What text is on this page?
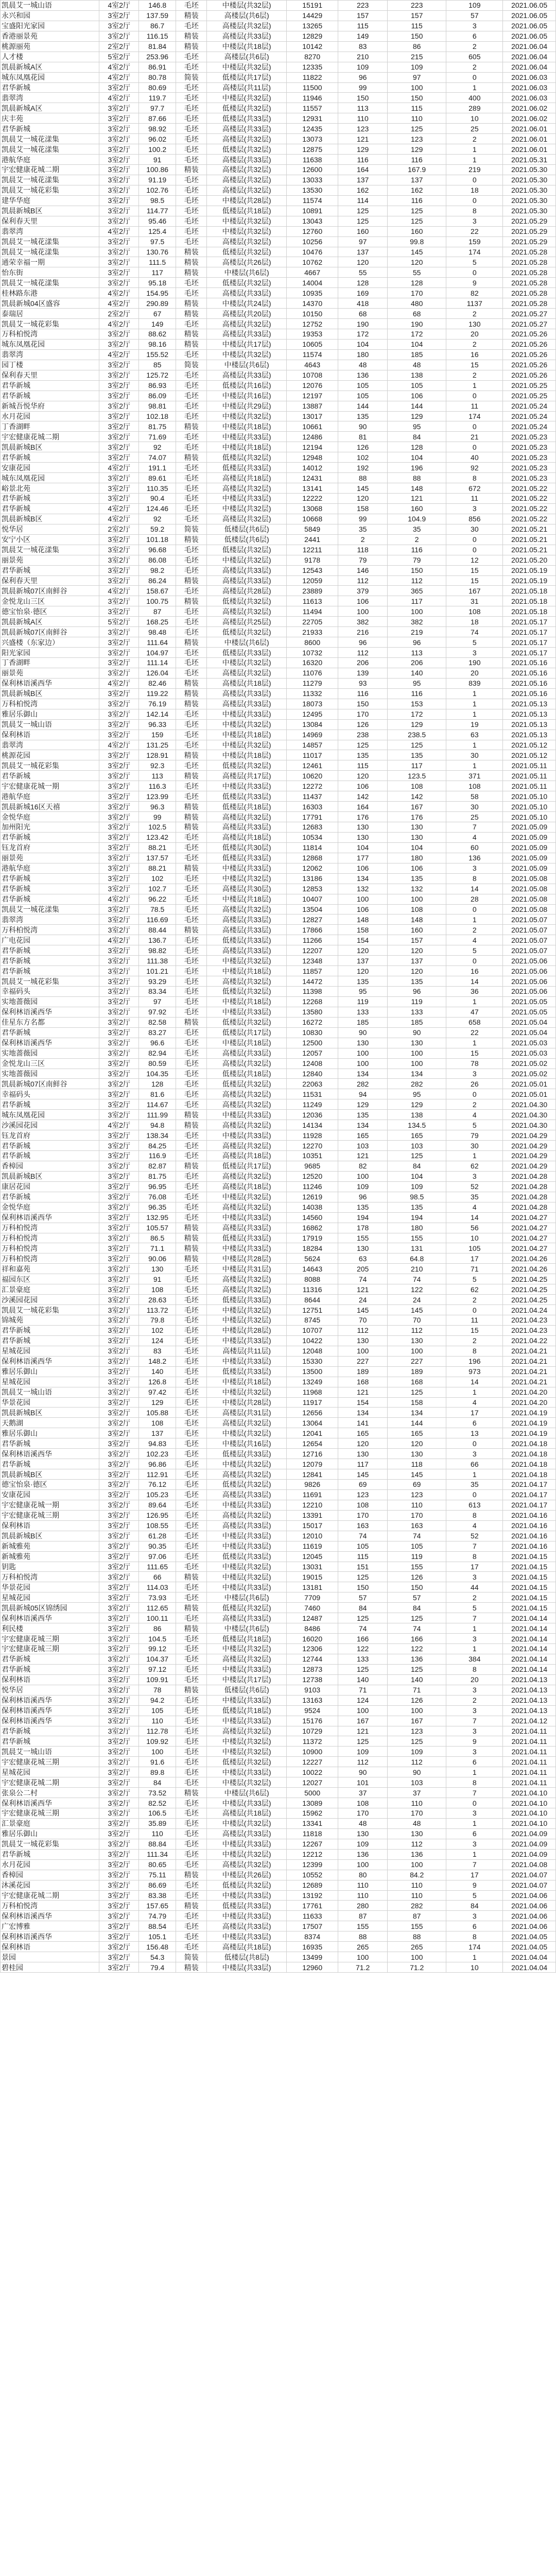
凯晨艾一城山语	4室2厅	146.8	毛坯	中楼层(共32层)	15191	223	223	109	2021.06.05
永兴和园	3室2厅	137.59	精装	高楼层(共6层)	14429	157	157	57	2021.06.05
宝盛阳光家园	3室2厅	86.7	毛坯	高楼层(共32层)	13265	115	115	3	2021.06.05
香港丽景苑	3室2厅	116.15	精装	高楼层(共33层)	12829	149	150	6	2021.06.05
桃源丽苑	2室2厅	81.84	精装	中楼层(共18层)	10142	83	86	2	2021.06.04
人才楼	5室2厅	253.96	毛坯	高楼层(共6层)	8270	210	215	605	2021.06.04
凯晨新城A区	4室2厅	86.91	毛坯	中楼层(共32层)	12335	109	109	2	2021.06.04
城东凤凰花园	4室2厅	80.78	简装	低楼层(共17层)	11822	96	97	0	2021.06.03
君华新城	3室2厅	80.69	毛坯	高楼层(共11层)	11500	99	100	1	2021.06.03
翡翠湾	4室2厅	119.7	毛坯	中楼层(共32层)	11946	150	150	400	2021.06.03
凯晨新城A区	3室2厅	97.7	毛坯	低楼层(共32层)	11557	113	115	289	2021.06.02
庆丰苑	3室2厅	87.66	毛坯	低楼层(共33层)	12931	110	110	10	2021.06.02
君华新城	3室2厅	98.92	毛坯	高楼层(共33层)	12435	123	125	25	2021.06.01
凯晨艾一城花漾集	3室2厅	96.02	毛坯	高楼层(共32层)	13073	121	123	2	2021.06.01
凯晨艾一城花漾集	3室2厅	100.2	毛坯	低楼层(共32层)	12875	129	129	1	2021.06.01
港航华庭	3室2厅	91	毛坯	高楼层(共33层)	11638	116	116	1	2021.05.31
宇宏健康花城二期	3室2厅	100.86	精装	高楼层(共32层)	12600	164	167.9	219	2021.05.30
凯晨艾一城花漾集	3室2厅	91.19	毛坯	高楼层(共32层)	13033	137	137	0	2021.05.30
凯晨艾一城花彩集	3室2厅	102.76	毛坯	高楼层(共32层)	13530	162	162	18	2021.05.30
建华华庭	3室2厅	98.5	毛坯	中楼层(共28层)	11574	114	116	0	2021.05.30
凯晨新城B区	3室2厅	114.77	毛坯	低楼层(共18层)	10891	125	125	8	2021.05.30
保利春天里	3室2厅	95.46	毛坯	中楼层(共32层)	13043	125	125	3	2021.05.29
翡翠湾	4室2厅	125.4	毛坯	中楼层(共32层)	12760	160	160	22	2021.05.29
凯晨艾一城花漾集	3室2厅	97.5	毛坯	高楼层(共32层)	10256	97	99.8	159	2021.05.29
凯晨艾一城花漾集	3室2厅	130.76	精装	低楼层(共32层)	10476	137	145	174	2021.05.28
通荣幸福一期	3室2厅	111.5	精装	高楼层(共26层)	10762	120	120	5	2021.05.28
怡东街	3室2厅	117	精装	中楼层(共6层)	4667	55	55	0	2021.05.28
凯晨艾一城花漾集	3室2厅	95.18	毛坯	低楼层(共32层)	14004	128	128	9	2021.05.28
桂林路东港	4室2厅	154.95	毛坯	高楼层(共33层)	10935	169	170	82	2021.05.28
凯晨新城04区盛容	4室2厅	290.89	精装	中楼层(共24层)	14370	418	480	1137	2021.05.28
泰瑞居	2室2厅	67	精装	高楼层(共20层)	10150	68	68	2	2021.05.27
凯晨艾一城花彩集	4室2厅	149	毛坯	高楼层(共32层)	12752	190	190	130	2021.05.27
万科柏悦湾	3室2厅	88.62	精装	高楼层(共33层)	19353	172	172	20	2021.05.26
城东凤凰花园	3室2厅	98.16	精装	中楼层(共17层)	10605	104	104	2	2021.05.26
翡翠湾	4室2厅	155.52	毛坯	中楼层(共32层)	11574	180	185	16	2021.05.26
园丁楼	3室2厅	85	简装	中楼层(共6层)	4643	48	48	15	2021.05.26
保利春天里	3室2厅	125.72	毛坯	高楼层(共33层)	10708	136	138	2	2021.05.26
君华新城	3室2厅	86.93	毛坯	低楼层(共16层)	12076	105	105	1	2021.05.25
君华新城	3室2厅	86.09	毛坯	中楼层(共16层)	12197	105	106	0	2021.05.25
新城吾悦华府	3室2厅	98.81	毛坯	中楼层(共29层)	13887	144	144	11	2021.05.24
水月花园	3室2厅	102.18	毛坯	中楼层(共32层)	13017	135	129	174	2021.05.24
丁香湖畔	3室2厅	81.75	精装	中楼层(共18层)	10661	90	95	0	2021.05.24
宇宏健康花城二期	3室2厅	71.69	毛坯	中楼层(共33层)	12486	81	84	21	2021.05.23
凯晨新城B区	3室2厅	92	毛坯	中楼层(共18层)	12194	126	128	0	2021.05.23
君华新城	3室2厅	74.07	精装	低楼层(共32层)	12948	102	104	40	2021.05.23
安康花园	4室2厅	191.1	毛坯	低楼层(共33层)	14012	192	196	92	2021.05.23
城东凤凰花园	3室2厅	89.61	毛坯	高楼层(共18层)	12431	88	88	8	2021.05.23
峪景北苑	3室2厅	110.35	毛坯	高楼层(共32层)	13141	145	148	672	2021.05.22
君华新城	3室2厅	90.4	毛坯	中楼层(共33层)	12222	120	121	11	2021.05.22
君华新城	4室2厅	124.46	毛坯	中楼层(共32层)	13068	158	160	3	2021.05.22
凯晨新城B区	4室2厅	92	毛坯	高楼层(共32层)	10668	99	104.9	856	2021.05.22
悦华居	2室2厅	59.2	简装	低楼层(共6层)	5849	35	35	30	2021.05.21
安宁小区	3室2厅	101.18	精装	低楼层(共6层)	2441	2	2	0	2021.05.21
凯晨艾一城花漾集	3室2厅	96.68	毛坯	低楼层(共32层)	12211	118	116	0	2021.05.21
丽景苑	3室2厅	86.08	毛坯	中楼层(共32层)	9178	79	79	12	2021.05.20
君华新城	3室2厅	98.2	毛坯	高楼层(共33层)	12543	146	150	15	2021.05.19
保利春天里	3室2厅	86.24	精装	高楼层(共33层)	12059	112	112	15	2021.05.19
凯晨新城07区南鲜谷	4室2厅	158.67	毛坯	高楼层(共28层)	23889	379	365	167	2021.05.18
金悦龙山三区	3室2厅	100.75	精装	低楼层(共32层)	11613	106	117	31	2021.05.18
德宝怡泉·德区	3室2厅	87	毛坯	高楼层(共32层)	11494	100	100	108	2021.05.18
凯晨新城A区	5室2厅	168.25	毛坯	高楼层(共25层)	22705	382	382	18	2021.05.17
凯晨新城07区南鲜谷	3室2厅	98.48	毛坯	低楼层(共32层)	21933	216	219	74	2021.05.17
兴盛楼（东家边）	3室2厅	111.64	精装	中楼层(共6层)	8600	96	96	5	2021.05.17
阳光家园	3室2厅	104.97	毛坯	低楼层(共33层)	10732	112	113	3	2021.05.17
丁香湖畔	3室2厅	111.14	毛坯	中楼层(共32层)	16320	206	206	190	2021.05.16
丽景苑	3室2厅	126.04	毛坯	高楼层(共32层)	11076	139	140	20	2021.05.16
保利林语溪西华	4室2厅	82.46	精装	高楼层(共18层)	11279	93	95	839	2021.05.16
凯晨新城B区	3室2厅	119.22	精装	高楼层(共33层)	11332	116	116	1	2021.05.16
万科柏悦湾	3室2厅	76.19	精装	高楼层(共33层)	18073	150	153	1	2021.05.13
雅居乐御山	3室2厅	142.14	毛坯	中楼层(共33层)	12495	170	172	1	2021.05.13
凯晨艾一城山语	3室2厅	96.33	毛坯	中楼层(共32层)	13084	126	129	19	2021.05.13
保利林语	3室2厅	159	毛坯	中楼层(共18层)	14969	238	238.5	63	2021.05.13
翡翠湾	4室2厅	131.25	毛坯	中楼层(共32层)	14857	125	125	1	2021.05.12
桃源花园	3室2厅	128.91	精装	中楼层(共18层)	11017	135	135	30	2021.05.12
凯晨艾一城花彩集	3室2厅	92.3	毛坯	低楼层(共32层)	12461	115	117	1	2021.05.11
君华新城	3室2厅	113	精装	高楼层(共17层)	10620	120	123.5	371	2021.05.11
宇宏健康花城一期	3室2厅	116.3	毛坯	中楼层(共33层)	12272	106	108	108	2021.05.11
港航华庭	3室2厅	123.99	毛坯	低楼层(共33层)	11437	142	142	58	2021.05.10
凯晨新城16区天禧	3室2厅	96.3	精装	低楼层(共18层)	16303	164	167	30	2021.05.10
金悦华庭	3室2厅	99	精装	高楼层(共32层)	17791	176	176	25	2021.05.10
加州阳光	3室2厅	102.5	精装	高楼层(共33层)	12683	130	130	7	2021.05.09
君华新城	3室2厅	123.42	毛坯	高楼层(共18层)	10534	130	130	4	2021.05.09
钰龙首府	3室2厅	88.21	毛坯	低楼层(共30层)	11814	104	104	60	2021.05.09
丽景苑	3室2厅	137.57	毛坯	低楼层(共33层)	12868	177	180	136	2021.05.09
港航华庭	3室2厅	88.21	精装	中楼层(共33层)	12062	106	106	3	2021.05.09
君华新城	3室2厅	102	毛坯	中楼层(共32层)	13186	134	135	8	2021.05.08
君华新城	3室2厅	102.7	毛坯	高楼层(共30层)	12853	132	132	14	2021.05.08
君华新城	4室2厅	96.22	毛坯	中楼层(共18层)	10407	100	100	28	2021.05.08
凯晨艾一城花漾集	3室2厅	78.5	毛坯	高楼层(共32层)	13504	106	108	0	2021.05.08
翡翠湾	3室2厅	116.69	毛坯	高楼层(共33层)	12827	148	148	1	2021.05.07
万科柏悦湾	3室2厅	88.44	精装	高楼层(共33层)	17866	158	160	2	2021.05.07
广电花园	4室2厅	136.7	毛坯	低楼层(共33层)	11266	154	157	4	2021.05.07
君华新城	3室2厅	98.82	毛坯	高楼层(共33层)	12207	120	120	5	2021.05.07
君华新城	3室2厅	111.38	毛坯	中楼层(共32层)	12348	137	137	0	2021.05.06
君华新城	3室2厅	101.21	毛坯	中楼层(共18层)	11857	120	120	16	2021.05.06
凯晨艾一城花彩集	3室2厅	93.29	毛坯	高楼层(共32层)	14472	135	135	14	2021.05.06
幸福码头	3室2厅	83.34	毛坯	低楼层(共32层)	11398	95	96	36	2021.05.06
实地蔷薇园	3室2厅	97	毛坯	中楼层(共18层)	12268	119	119	1	2021.05.05
保利林语溪西华	3室2厅	97.92	毛坯	中楼层(共33层)	13580	133	133	47	2021.05.05
佳星东方名都	3室2厅	82.58	精装	低楼层(共32层)	16272	185	185	658	2021.05.04
君华新城	3室2厅	83.27	毛坯	低楼层(共17层)	10830	90	90	22	2021.05.04
保利林语溪西华	3室2厅	96.6	毛坯	中楼层(共18层)	12500	130	130	1	2021.05.03
实地蔷薇园	3室2厅	82.94	毛坯	高楼层(共33层)	12057	100	100	15	2021.05.03
金悦龙山三区	3室2厅	80.59	毛坯	高楼层(共32层)	12408	100	100	78	2021.05.02
实地蔷薇园	3室2厅	104.35	毛坯	低楼层(共18层)	12840	134	134	3	2021.05.02
凯晨新城07区南鲜谷	3室2厅	128	毛坯	低楼层(共32层)	22063	282	282	26	2021.05.01
幸福码头	3室2厅	81.6	毛坯	高楼层(共32层)	11531	94	95	0	2021.05.01
君华新城	3室2厅	114.67	毛坯	高楼层(共32层)	11249	129	129	2	2021.04.30
城东凤凰花园	3室2厅	111.99	精装	中楼层(共33层)	12036	135	138	4	2021.04.30
沙溪园花园	4室2厅	94.8	精装	高楼层(共32层)	14134	134	134.5	5	2021.04.30
钰龙首府	3室2厅	138.34	毛坯	中楼层(共33层)	11928	165	165	79	2021.04.29
君华新城	3室2厅	84.25	毛坯	高楼层(共32层)	12270	103	103	30	2021.04.29
君华新城	3室2厅	116.9	毛坯	高楼层(共18层)	10351	121	125	1	2021.04.29
香樟园	3室2厅	82.87	精装	低楼层(共17层)	9685	82	84	62	2021.04.29
凯晨新城B区	3室2厅	81.75	毛坯	高楼层(共32层)	12520	100	104	3	2021.04.28
康居花园	3室2厅	96.95	毛坯	高楼层(共18层)	11246	109	109	52	2021.04.28
君华新城	3室2厅	76.08	毛坯	中楼层(共32层)	12619	96	98.5	35	2021.04.28
金悦华庭	3室2厅	96.35	毛坯	高楼层(共32层)	14038	135	135	4	2021.04.28
保利林语溪西华	3室2厅	132.95	毛坯	中楼层(共33层)	14560	194	194	14	2021.04.27
万科柏悦湾	3室2厅	105.57	精装	高楼层(共33层)	16862	178	180	56	2021.04.27
万科柏悦湾	3室2厅	86.5	精装	低楼层(共33层)	17919	155	155	10	2021.04.27
万科柏悦湾	3室2厅	71.1	精装	中楼层(共33层)	18284	130	131	105	2021.04.27
万科柏悦湾	3室2厅	90.06	精装	中楼层(共28层)	5624	63	64.8	17	2021.04.26
祥和嘉苑	3室2厅	130	毛坯	中楼层(共31层)	14643	205	210	71	2021.04.26
福园东区	3室2厅	91	毛坯	高楼层(共32层)	8088	74	74	5	2021.04.25
汇景豪庭	3室2厅	108	毛坯	高楼层(共32层)	11316	121	122	62	2021.04.25
沙溪园花园	3室2厅	28.63	毛坯	低楼层(共33层)	8644	24	24	2	2021.04.25
凯晨艾一城花彩集	3室2厅	113.72	毛坯	中楼层(共32层)	12751	145	145	0	2021.04.24
锦城苑	3室2厅	79.8	毛坯	中楼层(共32层)	8745	70	70	11	2021.04.23
君华新城	3室2厅	102	毛坯	中楼层(共28层)	10707	112	112	15	2021.04.23
君华新城	3室2厅	124	毛坯	中楼层(共33层)	10422	130	130	2	2021.04.22
星城花园	3室2厅	83	毛坯	高楼层(共11层)	12048	100	100	8	2021.04.21
保利林语溪西华	3室2厅	148.2	毛坯	中楼层(共33层)	15330	227	227	196	2021.04.21
雅居乐御山	3室2厅	140	毛坯	低楼层(共33层)	13500	189	189	973	2021.04.21
星城花园	3室2厅	126.8	毛坯	中楼层(共18层)	13249	168	168	14	2021.04.21
凯晨艾一城山语	3室2厅	97.42	毛坯	中楼层(共32层)	11968	121	125	1	2021.04.20
华景花园	3室2厅	129	毛坯	中楼层(共28层)	11917	154	158	4	2021.04.20
凯晨新城B区	3室2厅	105.88	毛坯	高楼层(共31层)	12656	134	134	17	2021.04.19
天鹅湖	3室2厅	108	毛坯	高楼层(共32层)	13064	141	144	6	2021.04.19
雅居乐御山	3室2厅	137	毛坯	中楼层(共32层)	12041	165	165	13	2021.04.19
君华新城	3室2厅	94.83	毛坯	中楼层(共16层)	12654	120	120	0	2021.04.18
保利林语溪西华	3室2厅	102.23	毛坯	低楼层(共33层)	12716	130	130	3	2021.04.18
君华新城	3室2厅	96.86	毛坯	中楼层(共32层)	12079	117	118	66	2021.04.18
凯晨新城B区	3室2厅	112.91	毛坯	高楼层(共32层)	12841	145	145	1	2021.04.18
德宝怡泉·德区	3室2厅	76.12	毛坯	低楼层(共32层)	9826	69	69	35	2021.04.17
安康花园	3室2厅	105.23	毛坯	高楼层(共33层)	11691	123	123	0	2021.04.17
宇宏健康花城一期	3室2厅	89.64	毛坯	中楼层(共33层)	12210	108	110	613	2021.04.17
宇宏健康花城三期	3室2厅	126.95	毛坯	高楼层(共32层)	13391	170	170	8	2021.04.16
保利林语	3室2厅	108.55	毛坯	高楼层(共33层)	15017	163	163	4	2021.04.16
凯晨新城B区	3室2厅	61.28	毛坯	中楼层(共33层)	12010	74	74	52	2021.04.16
新城雅苑	3室2厅	90.35	毛坯	中楼层(共33层)	11619	105	105	7	2021.04.16
新城雅苑	3室2厅	97.06	毛坯	低楼层(共33层)	12045	115	119	8	2021.04.15
钥匙	3室2厅	111.65	毛坯	中楼层(共32层)	13031	151	155	17	2021.04.15
万科柏悦湾	3室2厅	66	精装	中楼层(共32层)	19015	125	126	3	2021.04.15
华景花园	3室2厅	114.03	毛坯	中楼层(共33层)	13181	150	150	44	2021.04.15
星城花园	3室2厅	73.93	毛坯	中楼层(共6层)	7709	57	57	2	2021.04.15
凯晨新城05区锦绣园	3室2厅	112.65	精装	低楼层(共32层)	7460	84	84	5	2021.04.15
保利林语溪西华	3室2厅	100.11	毛坯	高楼层(共33层)	12487	125	125	7	2021.04.14
利民楼	3室2厅	86	精装	中楼层(共6层)	8486	74	74	1	2021.04.14
宇宏健康花城三期	3室2厅	104.5	毛坯	低楼层(共18层)	16020	166	166	3	2021.04.14
宇宏健康花城三期	3室2厅	99.12	毛坯	中楼层(共32层)	12306	122	122	1	2021.04.14
君华新城	3室2厅	104.37	毛坯	高楼层(共32层)	12744	133	136	384	2021.04.14
君华新城	3室2厅	97.12	毛坯	中楼层(共33层)	12873	125	125	8	2021.04.14
保利林语	3室2厅	109.91	毛坯	中楼层(共17层)	12738	140	140	20	2021.04.13
悦华居	3室2厅	78	精装	低楼层(共6层)	9103	71	71	3	2021.04.13
保利林语溪西华	3室2厅	94.2	毛坯	中楼层(共33层)	13163	124	126	2	2021.04.13
保利林语溪西华	3室2厅	105	毛坯	低楼层(共18层)	9524	100	100	3	2021.04.13
保利林语溪西华	3室2厅	110	毛坯	中楼层(共33层)	15176	167	167	7	2021.04.12
君华新城	3室2厅	112.78	毛坯	高楼层(共32层)	10729	121	123	3	2021.04.11
君华新城	3室2厅	109.92	毛坯	中楼层(共32层)	11372	125	125	9	2021.04.11
凯晨艾一城山语	3室2厅	100	毛坯	中楼层(共32层)	10900	109	109	3	2021.04.11
宇宏健康花城三期	3室2厅	91.6	毛坯	低楼层(共32层)	12227	112	112	6	2021.04.11
星城花园	3室2厅	89.8	毛坯	中楼层(共33层)	10022	90	90	1	2021.04.11
宇宏健康花城二期	3室2厅	84	毛坯	中楼层(共32层)	12027	101	103	8	2021.04.11
张泉公二村	3室2厅	73.52	精装	中楼层(共6层)	5000	37	37	7	2021.04.10
保利林语溪西华	3室2厅	82.52	毛坯	中楼层(共33层)	13089	108	110	0	2021.04.10
宇宏健康花城三期	3室2厅	106.5	毛坯	高楼层(共18层)	15962	170	170	3	2021.04.10
汇景豪庭	3室2厅	35.89	毛坯	中楼层(共32层)	13341	48	48	1	2021.04.10
雅居乐御山	3室2厅	110	毛坯	高楼层(共33层)	11818	130	130	6	2021.04.09
凯晨艾一城花彩集	3室2厅	88.84	毛坯	中楼层(共33层)	12267	109	112	3	2021.04.09
君华新城	3室2厅	111.34	毛坯	中楼层(共32层)	12212	136	136	1	2021.04.09
水月花园	3室2厅	80.65	毛坯	高楼层(共32层)	12399	100	100	7	2021.04.08
香樟园	3室2厅	75.11	精装	中楼层(共26层)	10552	80	84.2	17	2021.04.07
沐溪花园	3室2厅	86.69	毛坯	低楼层(共32层)	12689	110	110	9	2021.04.07
宇宏健康花城二期	3室2厅	83.38	毛坯	中楼层(共33层)	13192	110	110	5	2021.04.06
万科柏悦湾	3室2厅	157.65	精装	低楼层(共33层)	17761	280	282	84	2021.04.06
保利林语溪西华	3室2厅	74.79	毛坯	中楼层(共33层)	11633	87	87	3	2021.04.06
广宏博雅	3室2厅	88.54	毛坯	高楼层(共33层)	17507	155	155	6	2021.04.06
保利林语溪西华	3室2厅	105.1	毛坯	中楼层(共33层)	8374	88	88	8	2021.04.05
保利林语	3室2厅	156.48	毛坯	高楼层(共18层)	16935	265	265	174	2021.04.05
景园	3室2厅	54.3	简装	低楼层(共8层)	13499	100	100	1	2021.04.04
碧桂园	3室2厅	79.4	精装	中楼层(共33层)	12960	71.2	71.2	10	2021.04.04
